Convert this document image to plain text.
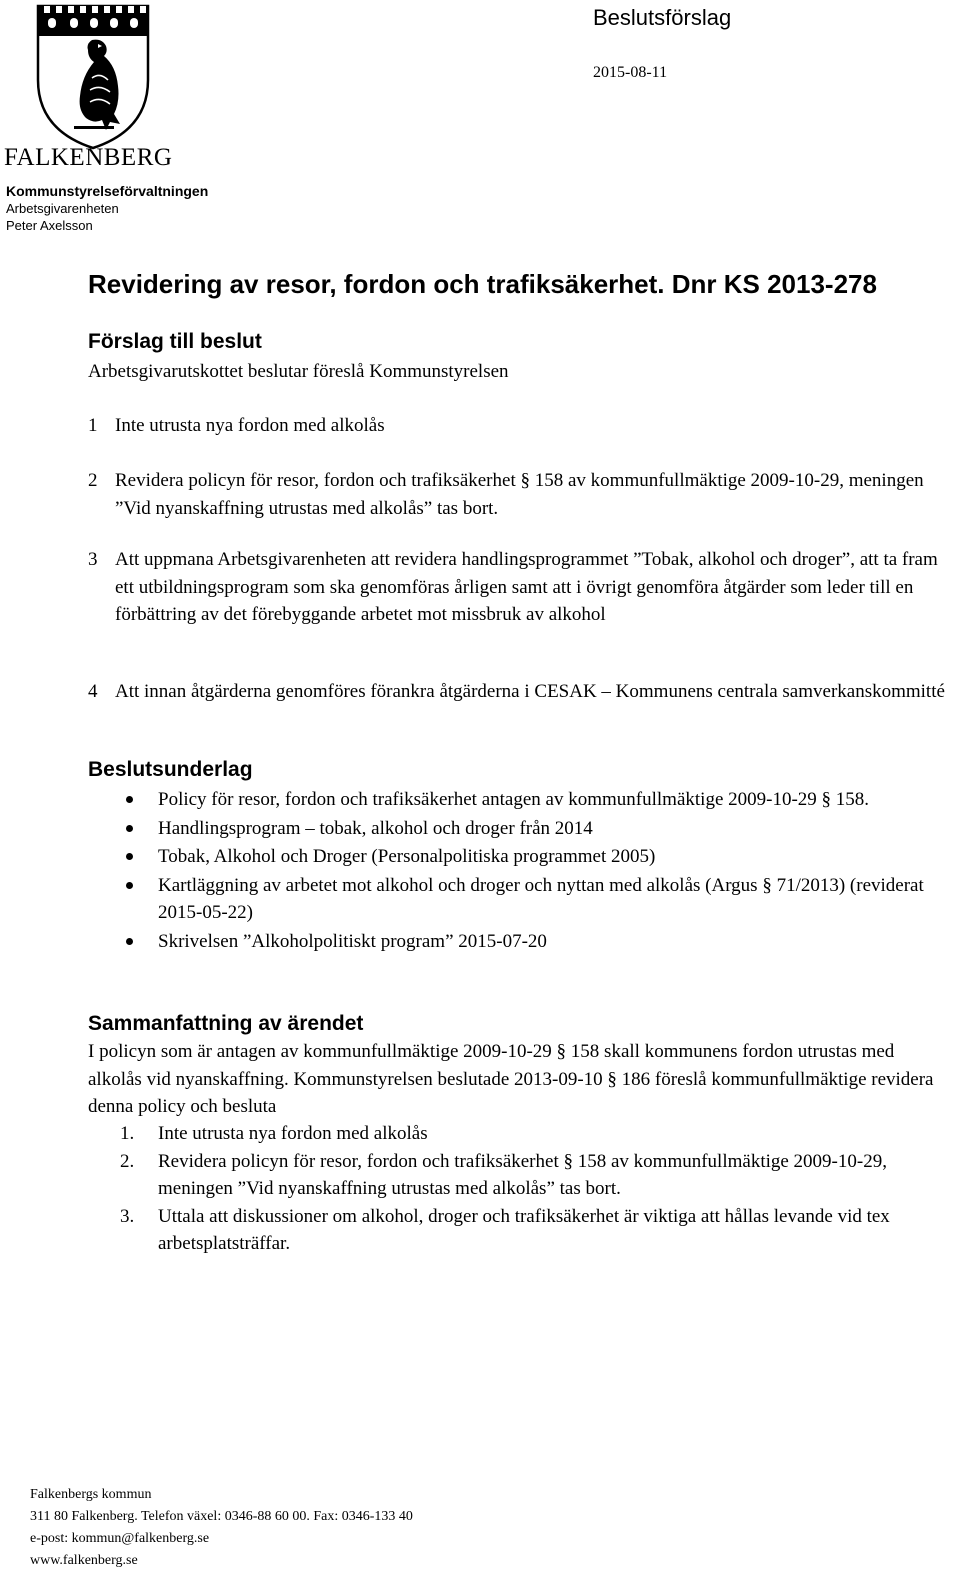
FALKENBERG
Kommunstyrelseförvaltningen
Arbetsgivarenheten
Peter Axelsson
Beslutsförslag
2015-08-11
Revidering av resor, fordon och trafiksäkerhet. Dnr KS 2013-278
Förslag till beslut
Arbetsgivarutskottet beslutar föreslå Kommunstyrelsen
1 Inte utrusta nya fordon med alkolås
2 Revidera policyn för resor, fordon och trafiksäkerhet § 158 av kommunfullmäktige 2009-10-29, meningen ”Vid nyanskaffning utrustas med alkolås” tas bort.
3 Att uppmana Arbetsgivarenheten att revidera handlingsprogrammet ”Tobak, alkohol och droger”, att ta fram ett utbildningsprogram som ska genomföras årligen samt att i övrigt genomföra åtgärder som leder till en förbättring av det förebyggande arbetet mot missbruk av alkohol
4 Att innan åtgärderna genomföres förankra åtgärderna i CESAK – Kommunens centrala samverkanskommitté
Beslutsunderlag
Policy för resor, fordon och trafiksäkerhet antagen av kommunfullmäktige 2009-10-29 § 158.
Handlingsprogram – tobak, alkohol och droger från 2014
Tobak, Alkohol och Droger (Personalpolitiska programmet 2005)
Kartläggning av arbetet mot alkohol och droger och nyttan med alkolås (Argus § 71/2013) (reviderat 2015-05-22)
Skrivelsen ”Alkoholpolitiskt program” 2015-07-20
Sammanfattning av ärendet
I policyn som är antagen av kommunfullmäktige 2009-10-29 § 158 skall kommunens fordon utrustas med alkolås vid nyanskaffning. Kommunstyrelsen beslutade 2013-09-10 § 186 föreslå kommunfullmäktige revidera denna policy och besluta
1. Inte utrusta nya fordon med alkolås
2. Revidera policyn för resor, fordon och trafiksäkerhet § 158 av kommunfullmäktige 2009-10-29, meningen ”Vid nyanskaffning utrustas med alkolås” tas bort.
3. Uttala att diskussioner om alkohol, droger och trafiksäkerhet är viktiga att hållas levande vid tex arbetsplatsträffar.
Falkenbergs kommun
311 80 Falkenberg. Telefon växel: 0346-88 60 00. Fax: 0346-133 40
e-post: kommun@falkenberg.se
www.falkenberg.se
